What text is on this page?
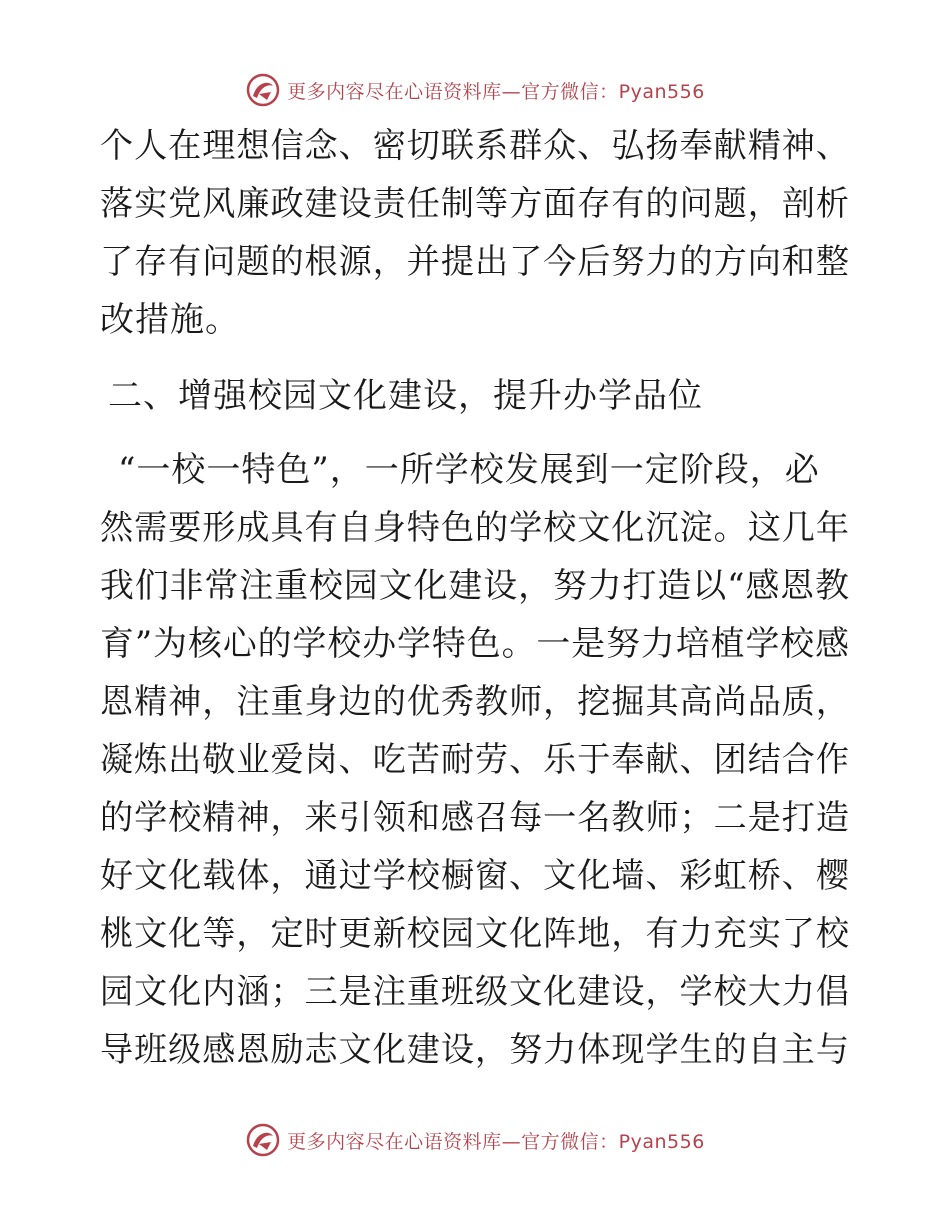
更多内容尽在心语资料库—官方微信：Pyan556
个人在理想信念、密切联系群众、弘扬奉献精神、
落实党风廉政建设责任制等方面存有的问题，剖析
了存有问题的根源，并提出了今后努力的方向和整
改措施。
二、增强校园文化建设，提升办学品位
“一校一特色”，一所学校发展到一定阶段，必
然需要形成具有自身特色的学校文化沉淀。这几年
我们非常注重校园文化建设，努力打造以“感恩教
育”为核心的学校办学特色。一是努力培植学校感
恩精神，注重身边的优秀教师，挖掘其高尚品质，
凝炼出敬业爱岗、吃苦耐劳、乐于奉献、团结合作
的学校精神，来引领和感召每一名教师；二是打造
好文化载体，通过学校橱窗、文化墙、彩虹桥、樱
桃文化等，定时更新校园文化阵地，有力充实了校
园文化内涵；三是注重班级文化建设，学校大力倡
导班级感恩励志文化建设，努力体现学生的自主与
更多内容尽在心语资料库—官方微信：Pyan556
